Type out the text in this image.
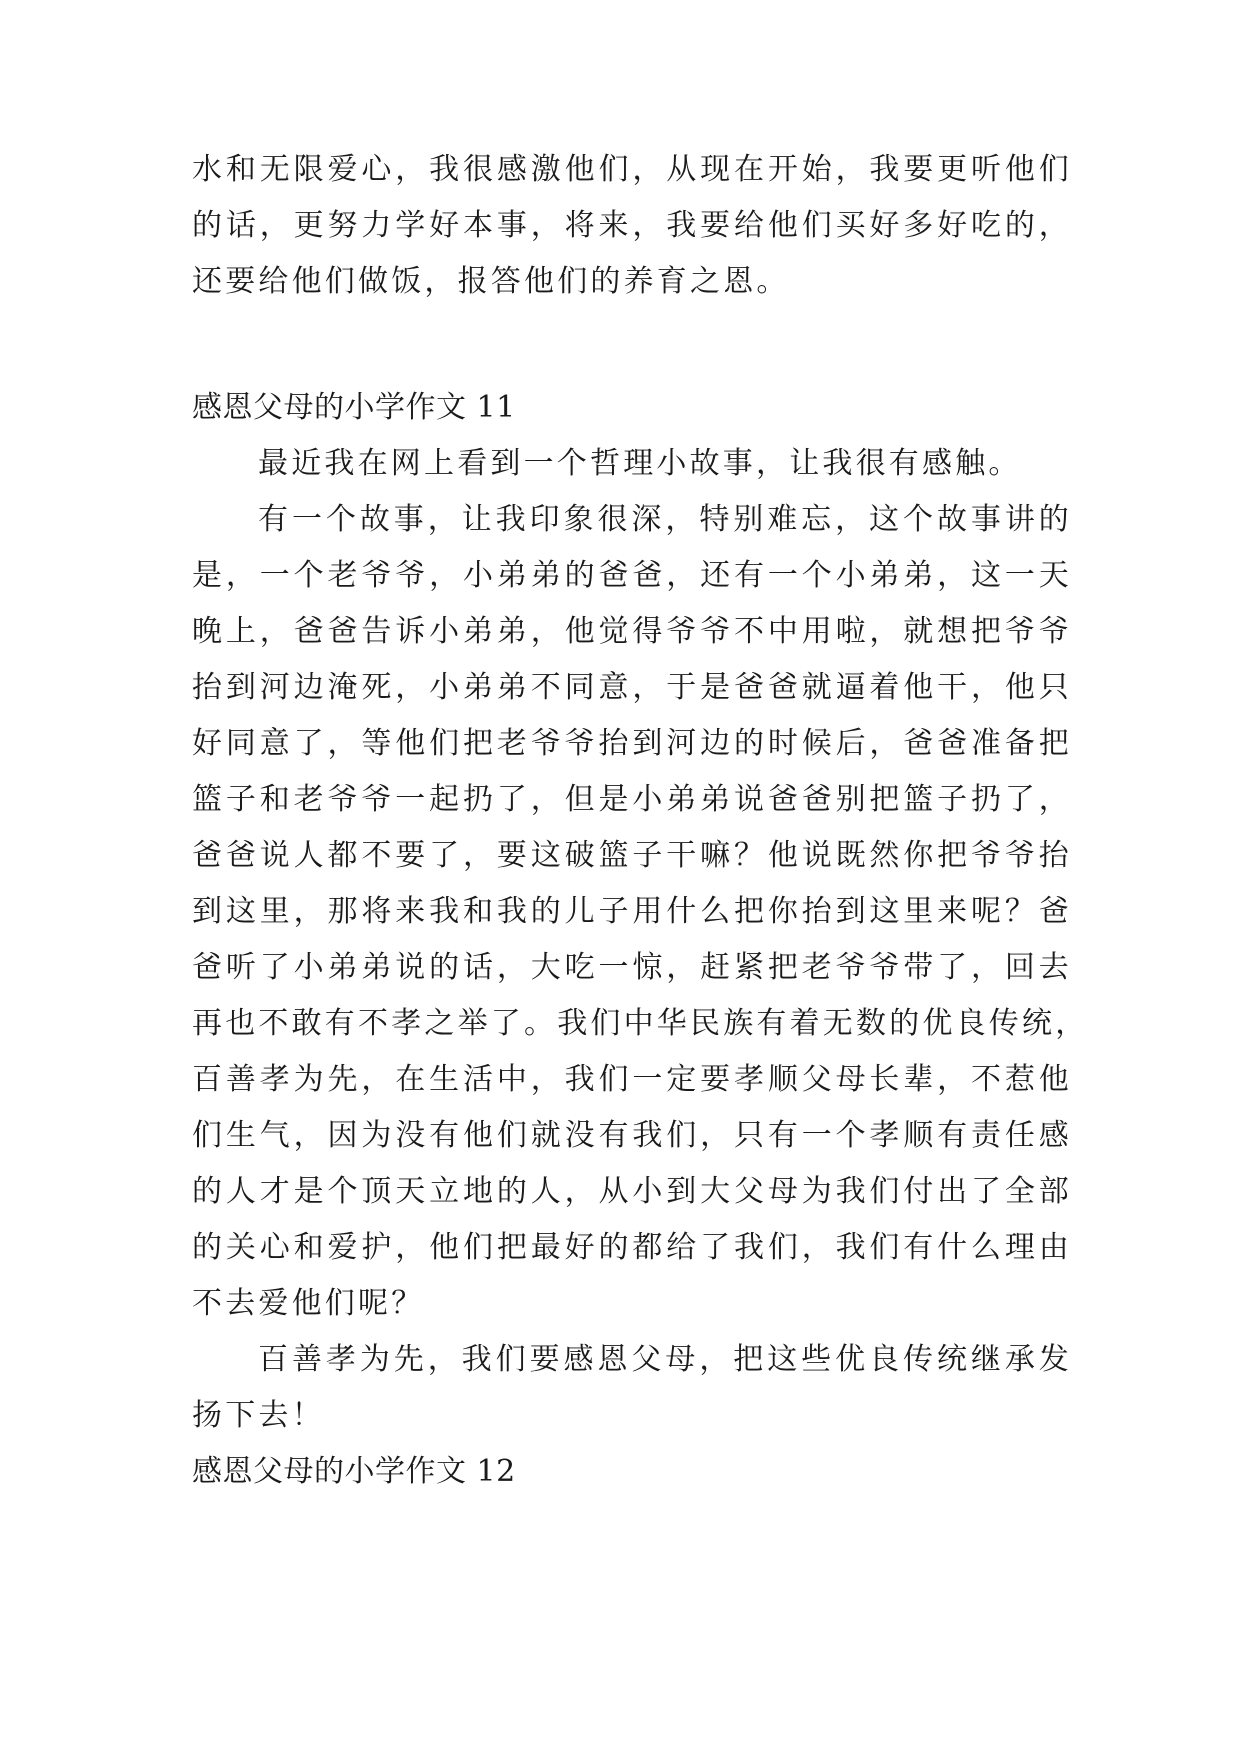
水和无限爱心，我很感激他们，从现在开始，我要更听他们
的话，更努力学好本事，将来，我要给他们买好多好吃的，
还要给他们做饭，报答他们的养育之恩。
感恩父母的小学作文 11
最近我在网上看到一个哲理小故事，让我很有感触。
有一个故事，让我印象很深，特别难忘，这个故事讲的
是，一个老爷爷，小弟弟的爸爸，还有一个小弟弟，这一天
晚上，爸爸告诉小弟弟，他觉得爷爷不中用啦，就想把爷爷
抬到河边淹死，小弟弟不同意，于是爸爸就逼着他干，他只
好同意了，等他们把老爷爷抬到河边的时候后，爸爸准备把
篮子和老爷爷一起扔了，但是小弟弟说爸爸别把篮子扔了，
爸爸说人都不要了，要这破篮子干嘛？他说既然你把爷爷抬
到这里，那将来我和我的儿子用什么把你抬到这里来呢？爸
爸听了小弟弟说的话，大吃一惊，赶紧把老爷爷带了，回去
再也不敢有不孝之举了。我们中华民族有着无数的优良传统，
百善孝为先，在生活中，我们一定要孝顺父母长辈，不惹他
们生气，因为没有他们就没有我们，只有一个孝顺有责任感
的人才是个顶天立地的人，从小到大父母为我们付出了全部
的关心和爱护，他们把最好的都给了我们，我们有什么理由
不去爱他们呢？
百善孝为先，我们要感恩父母，把这些优良传统继承发
扬下去！
感恩父母的小学作文 12
